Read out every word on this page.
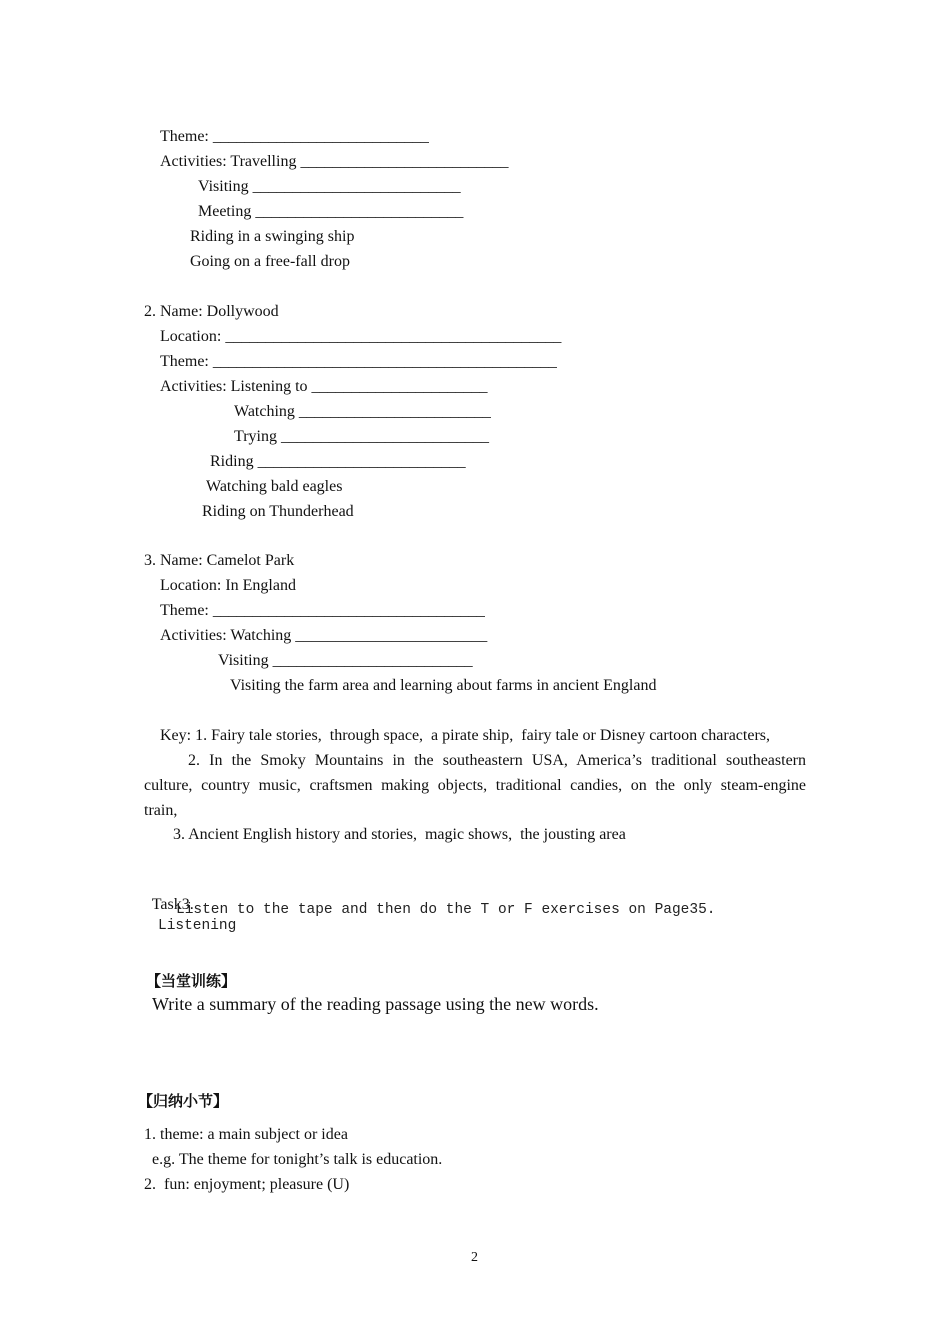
Theme: ___________________________
Activities: Travelling __________________________
Visiting __________________________
Meeting __________________________
Riding in a swinging ship
Going on a free-fall drop
2. Name: Dollywood
Location: __________________________________________
Theme: ___________________________________________
Activities: Listening to ______________________
Watching ________________________
Trying __________________________
Riding __________________________
Watching bald eagles
Riding on Thunderhead
3. Name: Camelot Park
Location: In England
Theme: __________________________________
Activities: Watching ________________________
Visiting _________________________
Visiting the farm area and learning about farms in ancient England
Key: 1. Fairy tale stories,  through space,  a pirate ship,  fairy tale or Disney cartoon characters,
2. In the Smoky Mountains in the southeastern USA, America’s traditional southeastern
culture, country music, craftsmen making objects, traditional candies, on the only steam-engine
train,
3. Ancient English history and stories,  magic shows,  the jousting area

Task3.
Listening

Listen to the tape and then do the T or F exercises on Page35.

【当堂训练】
Write a summary of the reading passage using the new words.

【归纳小节】
1. theme: a main subject or idea
e.g. The theme for tonight’s talk is education.
2.  fun: enjoyment; pleasure (U)
2
